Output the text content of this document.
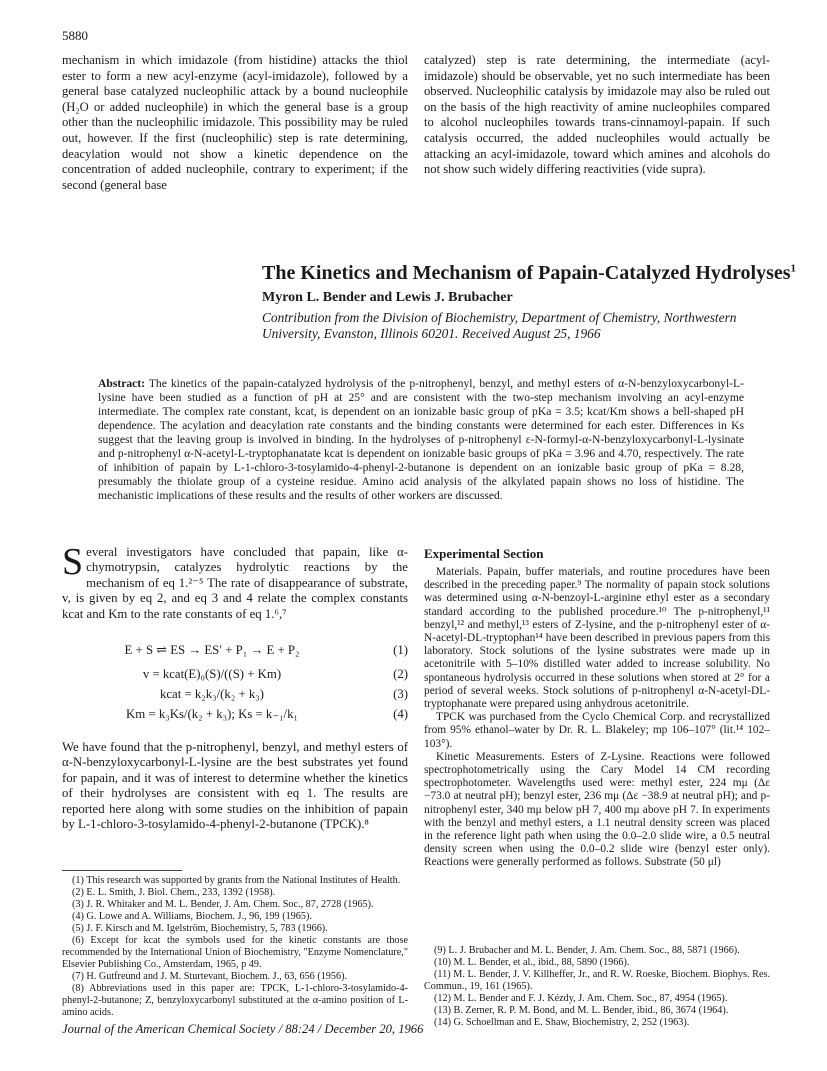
5880
mechanism in which imidazole (from histidine) attacks the thiol ester to form a new acyl-enzyme (acyl-imidazole), followed by a general base catalyzed nucleophilic attack by a bound nucleophile (H₂O or added nucleophile) in which the general base is a group other than the nucleophilic imidazole. This possibility may be ruled out, however. If the first (nucleophilic) step is rate determining, deacylation would not show a kinetic dependence on the concentration of added nucleophile, contrary to experiment; if the second (general base
catalyzed) step is rate determining, the intermediate (acyl-imidazole) should be observable, yet no such intermediate has been observed. Nucleophilic catalysis by imidazole may also be ruled out on the basis of the high reactivity of amine nucleophiles compared to alcohol nucleophiles towards trans-cinnamoyl-papain. If such catalysis occurred, the added nucleophiles would actually be attacking an acyl-imidazole, toward which amines and alcohols do not show such widely differing reactivities (vide supra).
The Kinetics and Mechanism of Papain-Catalyzed Hydrolyses$^1$
Myron L. Bender and Lewis J. Brubacher
Contribution from the Division of Biochemistry, Department of Chemistry, Northwestern University, Evanston, Illinois 60201. Received August 25, 1966
Abstract: The kinetics of the papain-catalyzed hydrolysis of the p-nitrophenyl, benzyl, and methyl esters of α-N-benzyloxycarbonyl-L-lysine have been studied as a function of pH at 25° and are consistent with the two-step mechanism involving an acyl-enzyme intermediate. The complex rate constant, kcat, is dependent on an ionizable basic group of pKa = 3.5; kcat/Km shows a bell-shaped pH dependence. The acylation and deacylation rate constants and the binding constants were determined for each ester. Differences in Ks suggest that the leaving group is involved in binding. In the hydrolyses of p-nitrophenyl ε-N-formyl-α-N-benzyloxycarbonyl-L-lysinate and p-nitrophenyl α-N-acetyl-L-tryptophanatate kcat is dependent on ionizable basic groups of pKa = 3.96 and 4.70, respectively. The rate of inhibition of papain by L-1-chloro-3-tosylamido-4-phenyl-2-butanone is dependent on an ionizable basic group of pKa = 8.28, presumably the thiolate group of a cysteine residue. Amino acid analysis of the alkylated papain shows no loss of histidine. The mechanistic implications of these results and the results of other workers are discussed.
Several investigators have concluded that papain, like α-chymotrypsin, catalyzes hydrolytic reactions by the mechanism of eq 1.²⁻⁵ The rate of disappearance of substrate, v, is given by eq 2, and eq 3 and 4 relate the complex constants kcat and Km to the rate constants of eq 1.⁶,⁷
E + S ⇌ ES → ES′ + P₁ → E + P₂	(1)
v = kcat(E)₀(S)/((S) + Km)	(2)
kcat = k₂k₃/(k₂ + k₃)	(3)
Km = k₃Ks/(k₂ + k₃); Ks = k₋₁/k₁	(4)
We have found that the p-nitrophenyl, benzyl, and methyl esters of α-N-benzyloxycarbonyl-L-lysine are the best substrates yet found for papain, and it was of interest to determine whether the kinetics of their hydrolyses are consistent with eq 1. The results are reported here along with some studies on the inhibition of papain by L-1-chloro-3-tosylamido-4-phenyl-2-butanone (TPCK).⁸

(1) This research was supported by grants from the National Institutes of Health.

(2) E. L. Smith, J. Biol. Chem., 233, 1392 (1958).

(3) J. R. Whitaker and M. L. Bender, J. Am. Chem. Soc., 87, 2728 (1965).

(4) G. Lowe and A. Williams, Biochem. J., 96, 199 (1965).

(5) J. F. Kirsch and M. Igelström, Biochemistry, 5, 783 (1966).

(6) Except for kcat the symbols used for the kinetic constants are those recommended by the International Union of Biochemistry, "Enzyme Nomenclature," Elsevier Publishing Co., Amsterdam, 1965, p 49.

(7) H. Gutfreund and J. M. Sturtevant, Biochem. J., 63, 656 (1956).

(8) Abbreviations used in this paper are: TPCK, L-1-chloro-3-tosylamido-4-phenyl-2-butanone; Z, benzyloxycarbonyl substituted at the α-amino position of L-amino acids.

Experimental Section

Materials. Papain, buffer materials, and routine procedures have been described in the preceding paper.⁹ The normality of papain stock solutions was determined using α-N-benzoyl-L-arginine ethyl ester as a secondary standard according to the published procedure.¹⁰ The p-nitrophenyl,¹¹ benzyl,¹² and methyl,¹³ esters of Z-lysine, and the p-nitrophenyl ester of α-N-acetyl-DL-tryptophan¹⁴ have been described in previous papers from this laboratory. Stock solutions of the lysine substrates were made up in acetonitrile with 5–10% distilled water added to increase solubility. No spontaneous hydrolysis occurred in these solutions when stored at 2° for a period of several weeks. Stock solutions of p-nitrophenyl α-N-acetyl-DL-tryptophanate were prepared using anhydrous acetonitrile.

TPCK was purchased from the Cyclo Chemical Corp. and recrystallized from 95% ethanol–water by Dr. R. L. Blakeley; mp 106–107° (lit.¹⁴ 102–103°).

Kinetic Measurements. Esters of Z-Lysine. Reactions were followed spectrophotometrically using the Cary Model 14 CM recording spectrophotometer. Wavelengths used were: methyl ester, 224 mμ (Δε −73.0 at neutral pH); benzyl ester, 236 mμ (Δε −38.9 at neutral pH); and p-nitrophenyl ester, 340 mμ below pH 7, 400 mμ above pH 7. In experiments with the benzyl and methyl esters, a 1.1 neutral density screen was placed in the reference light path when using the 0.0–2.0 slide wire, a 0.5 neutral density screen when using the 0.0–0.2 slide wire (benzyl ester only). Reactions were generally performed as follows. Substrate (50 μl)

(9) L. J. Brubacher and M. L. Bender, J. Am. Chem. Soc., 88, 5871 (1966).

(10) M. L. Bender, et al., ibid., 88, 5890 (1966).

(11) M. L. Bender, J. V. Killheffer, Jr., and R. W. Roeske, Biochem. Biophys. Res. Commun., 19, 161 (1965).

(12) M. L. Bender and F. J. Kézdy, J. Am. Chem. Soc., 87, 4954 (1965).

(13) B. Zerner, R. P. M. Bond, and M. L. Bender, ibid., 86, 3674 (1964).

(14) G. Schoellman and E. Shaw, Biochemistry, 2, 252 (1963).

Journal of the American Chemical Society / 88:24 / December 20, 1966
